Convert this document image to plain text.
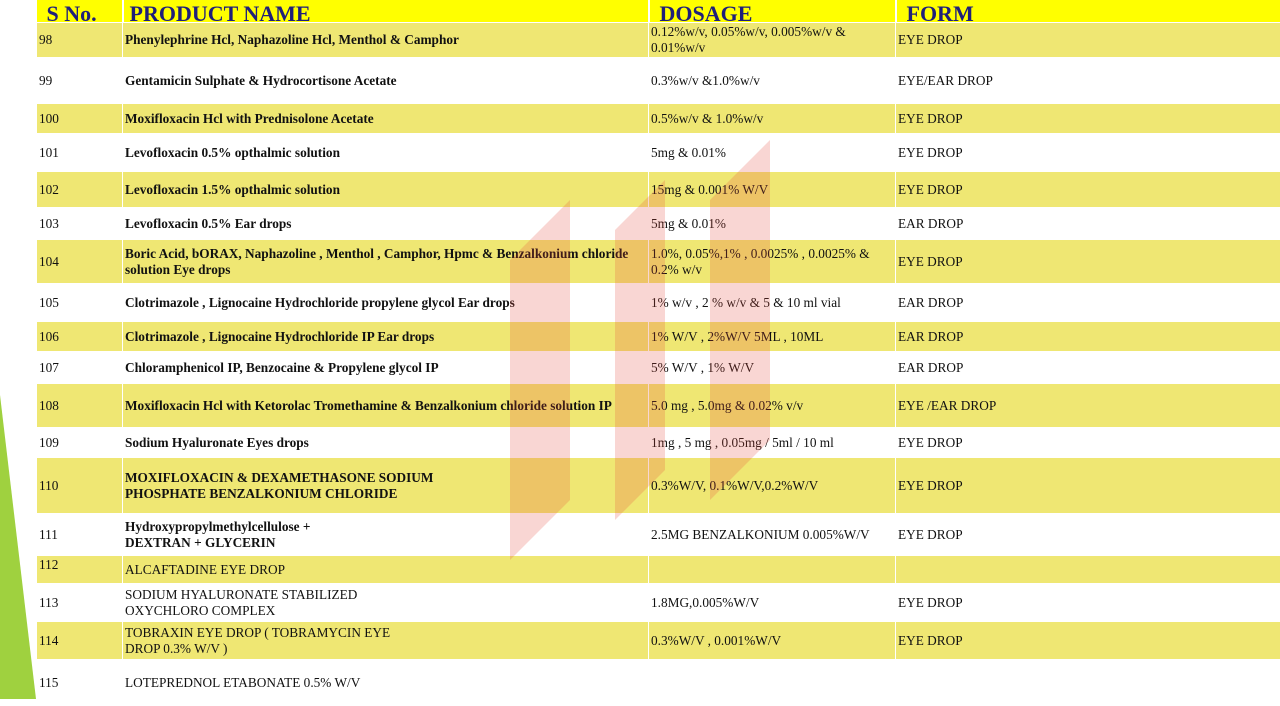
S No.	PRODUCT NAME	DOSAGE	FORM
98	Phenylephrine Hcl, Naphazoline Hcl, Menthol & Camphor	0.12%w/v, 0.05%w/v, 0.005%w/v & 0.01%w/v	EYE DROP
99	Gentamicin Sulphate & Hydrocortisone Acetate	0.3%w/v &1.0%w/v	EYE/EAR DROP
100	Moxifloxacin Hcl with Prednisolone Acetate	0.5%w/v & 1.0%w/v	EYE DROP
101	Levofloxacin 0.5% opthalmic solution	5mg & 0.01%	EYE DROP
102	Levofloxacin 1.5% opthalmic solution	15mg & 0.001% W/V	EYE DROP
103	Levofloxacin 0.5% Ear drops	5mg & 0.01%	EAR DROP
104	Boric Acid, bORAX, Naphazoline , Menthol , Camphor, Hpmc & Benzalkonium chloride solution Eye drops	1.0%, 0.05%,1% , 0.0025% , 0.0025% & 0.2% w/v	EYE DROP
105	Clotrimazole , Lignocaine Hydrochloride propylene glycol Ear drops	1% w/v , 2 % w/v & 5 & 10 ml vial	EAR DROP
106	Clotrimazole , Lignocaine Hydrochloride IP Ear drops	1% W/V , 2%W/V 5ML , 10ML	EAR DROP
107	Chloramphenicol IP, Benzocaine & Propylene glycol IP	5% W/V , 1% W/V	EAR DROP
108	Moxifloxacin Hcl with Ketorolac Tromethamine & Benzalkonium chloride solution IP	5.0 mg , 5.0mg & 0.02% v/v	EYE /EAR DROP
109	Sodium Hyaluronate Eyes drops	1mg , 5 mg , 0.05mg / 5ml / 10 ml	EYE DROP
110	MOXIFLOXACIN & DEXAMETHASONE SODIUM PHOSPHATE BENZALKONIUM CHLORIDE	0.3%W/V, 0.1%W/V,0.2%W/V	EYE DROP
111	Hydroxypropylmethylcellulose + DEXTRAN + GLYCERIN	2.5MG BENZALKONIUM 0.005%W/V	EYE DROP
112	ALCAFTADINE EYE DROP		
113	SODIUM HYALURONATE STABILIZED OXYCHLORO COMPLEX	1.8MG,0.005%W/V	EYE DROP
114	TOBRAXIN EYE DROP ( TOBRAMYCIN EYE DROP 0.3% W/V )	0.3%W/V , 0.001%W/V	EYE DROP
115	LOTEPREDNOL ETABONATE 0.5% W/V		
